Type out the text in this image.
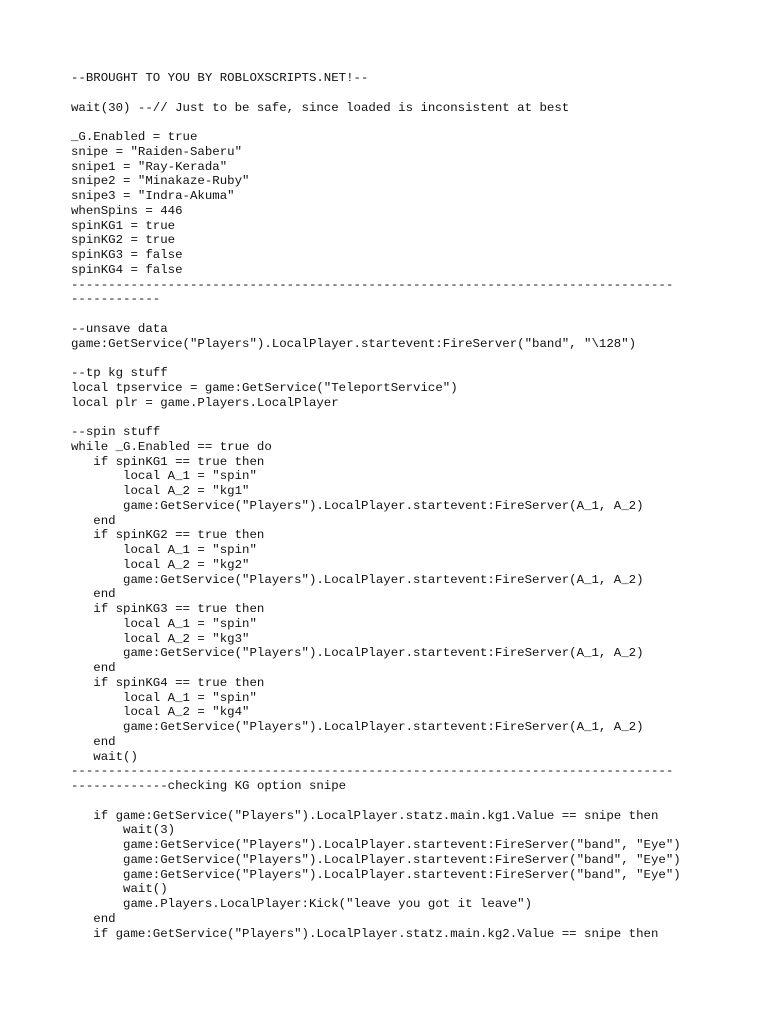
--BROUGHT TO YOU BY ROBLOXSCRIPTS.NET!--
wait(30) --// Just to be safe, since loaded is inconsistent at best
_G.Enabled = true
snipe = "Raiden-Saberu"
snipe1 = "Ray-Kerada"
snipe2 = "Minakaze-Ruby"
snipe3 = "Indra-Akuma"
whenSpins = 446
spinKG1 = true
spinKG2 = true
spinKG3 = false
spinKG4 = false
---------------------------------------------------------------------------------
------------
--unsave data
game:GetService("Players").LocalPlayer.startevent:FireServer("band", "\128")
--tp kg stuff
local tpservice = game:GetService("TeleportService")
local plr = game.Players.LocalPlayer
--spin stuff
while _G.Enabled == true do
if spinKG1 == true then
local A_1 = "spin"
local A_2 = "kg1"
game:GetService("Players").LocalPlayer.startevent:FireServer(A_1, A_2)
end
if spinKG2 == true then
local A_1 = "spin"
local A_2 = "kg2"
game:GetService("Players").LocalPlayer.startevent:FireServer(A_1, A_2)
end
if spinKG3 == true then
local A_1 = "spin"
local A_2 = "kg3"
game:GetService("Players").LocalPlayer.startevent:FireServer(A_1, A_2)
end
if spinKG4 == true then
local A_1 = "spin"
local A_2 = "kg4"
game:GetService("Players").LocalPlayer.startevent:FireServer(A_1, A_2)
end
wait()
---------------------------------------------------------------------------------
-------------checking KG option snipe
if game:GetService("Players").LocalPlayer.statz.main.kg1.Value == snipe then
wait(3)
game:GetService("Players").LocalPlayer.startevent:FireServer("band", "Eye")
game:GetService("Players").LocalPlayer.startevent:FireServer("band", "Eye")
game:GetService("Players").LocalPlayer.startevent:FireServer("band", "Eye")
wait()
game.Players.LocalPlayer:Kick("leave you got it leave")
end
if game:GetService("Players").LocalPlayer.statz.main.kg2.Value == snipe then
